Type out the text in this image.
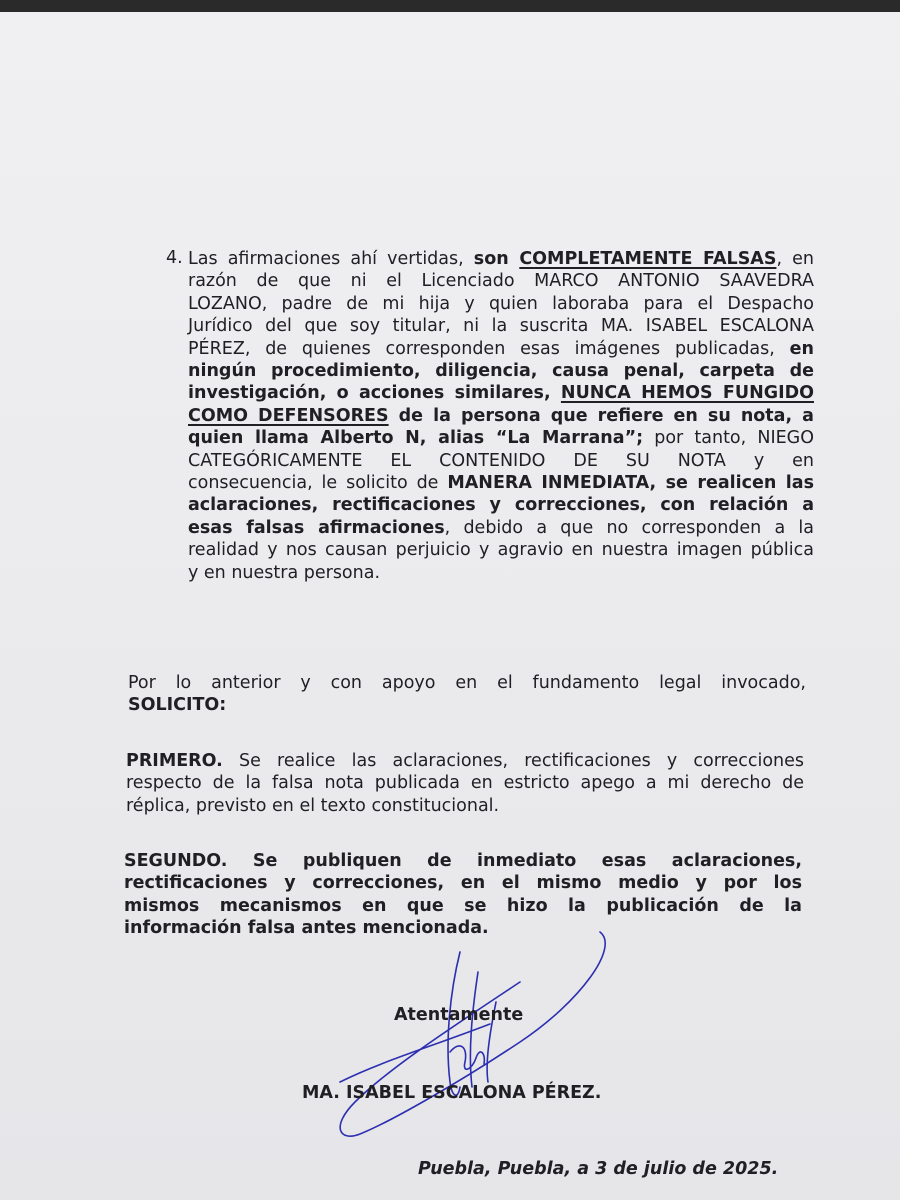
4. Las afirmaciones ahí vertidas, son COMPLETAMENTE FALSAS, en
razón de que ni el Licenciado MARCO ANTONIO SAAVEDRA
LOZANO, padre de mi hija y quien laboraba para el Despacho
Jurídico del que soy titular, ni la suscrita MA. ISABEL ESCALONA
PÉREZ, de quienes corresponden esas imágenes publicadas, en
ningún procedimiento, diligencia, causa penal, carpeta de
investigación, o acciones similares, NUNCA HEMOS FUNGIDO
COMO DEFENSORES de la persona que refiere en su nota, a
quien llama Alberto N, alias “La Marrana”; por tanto, NIEGO
CATEGÓRICAMENTE EL CONTENIDO DE SU NOTA y en
consecuencia, le solicito de MANERA INMEDIATA, se realicen las
aclaraciones, rectificaciones y correcciones, con relación a
esas falsas afirmaciones, debido a que no corresponden a la
realidad y nos causan perjuicio y agravio en nuestra imagen pública
y en nuestra persona.
Por lo anterior y con apoyo en el fundamento legal invocado,
SOLICITO:
PRIMERO. Se realice las aclaraciones, rectificaciones y correcciones
respecto de la falsa nota publicada en estricto apego a mi derecho de
réplica, previsto en el texto constitucional.
SEGUNDO. Se publiquen de inmediato esas aclaraciones,
rectificaciones y correcciones, en el mismo medio y por los
mismos mecanismos en que se hizo la publicación de la
información falsa antes mencionada.
Atentamente
MA. ISABEL ESCALONA PÉREZ.
Puebla, Puebla, a 3 de julio de 2025.
